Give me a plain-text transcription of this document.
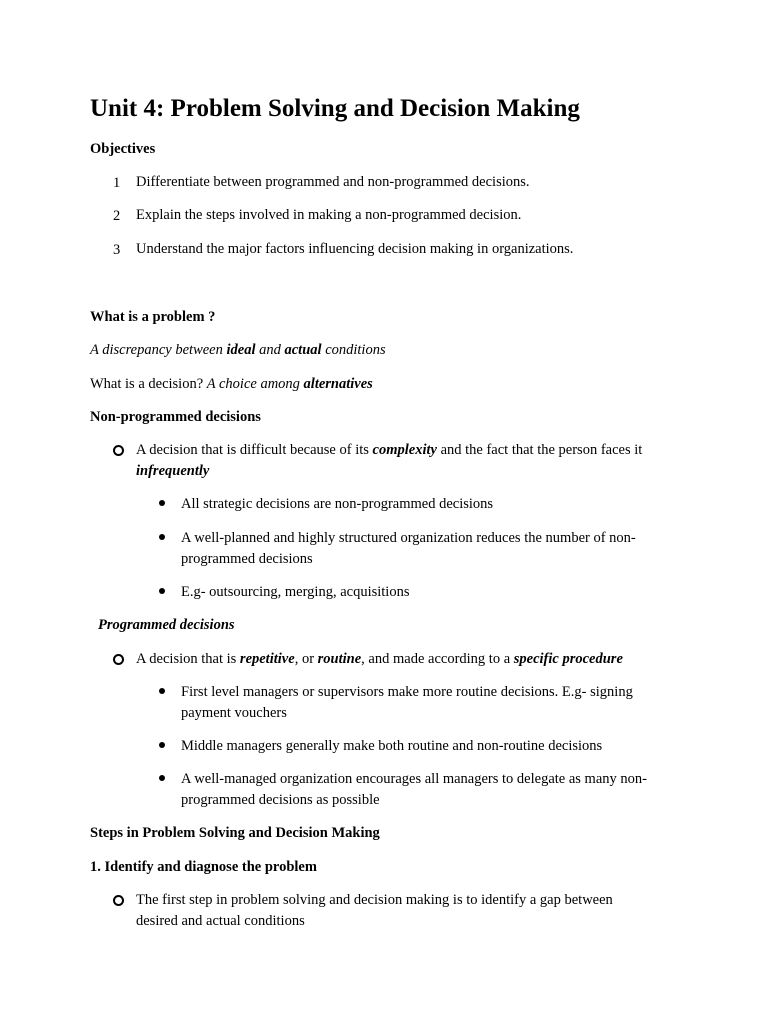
Unit 4: Problem Solving and Decision Making
Objectives
1 Differentiate between programmed and non-programmed decisions.
2 Explain the steps involved in making a non-programmed decision.
3 Understand the major factors influencing decision making in organizations.
What is a problem ?
A discrepancy between ideal and actual conditions
What is a decision? A choice among alternatives
Non-programmed decisions
A decision that is difficult because of its complexity and the fact that the person faces it
infrequently
All strategic decisions are non-programmed decisions
A well-planned and highly structured organization reduces the number of non-
programmed decisions
E.g- outsourcing, merging, acquisitions
Programmed decisions
A decision that is repetitive, or routine, and made according to a specific procedure
First level managers or supervisors make more routine decisions. E.g- signing
payment vouchers
Middle managers generally make both routine and non-routine decisions
A well-managed organization encourages all managers to delegate as many non-
programmed decisions as possible
Steps in Problem Solving and Decision Making
1. Identify and diagnose the problem
The first step in problem solving and decision making is to identify a gap between
desired and actual conditions
